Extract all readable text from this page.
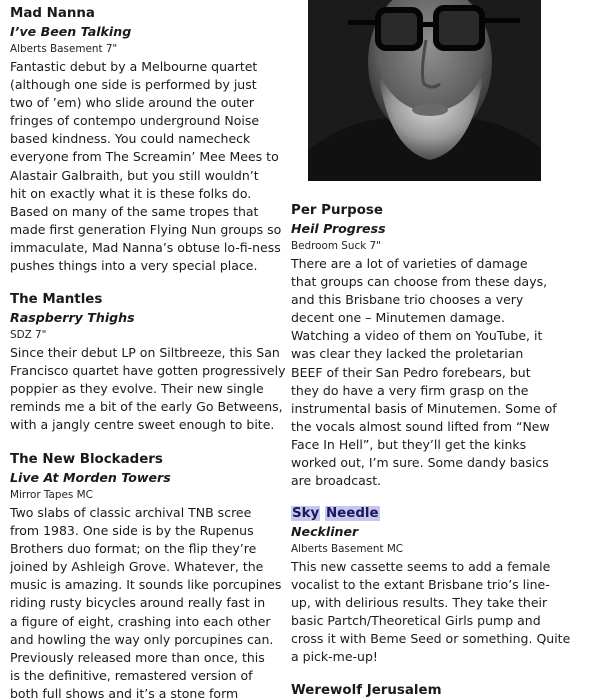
Mad Nanna
I’ve Been Talking
Alberts Basement 7"
Fantastic debut by a Melbourne quartet
(although one side is performed by just
two of ’em) who slide around the outer
fringes of contempo underground Noise
based kindness. You could namecheck
everyone from The Screamin’ Mee Mees to
Alastair Galbraith, but you still wouldn’t
hit on exactly what it is these folks do.
Based on many of the same tropes that
made first generation Flying Nun groups so
immaculate, Mad Nanna’s obtuse lo-fi-ness
pushes things into a very special place.
The Mantles
Raspberry Thighs
SDZ 7"
Since their debut LP on Siltbreeze, this San
Francisco quartet have gotten progressively
poppier as they evolve. Their new single
reminds me a bit of the early Go Betweens,
with a jangly centre sweet enough to bite.
The New Blockaders
Live At Morden Towers
Mirror Tapes MC
Two slabs of classic archival TNB scree
from 1983. One side is by the Rupenus
Brothers duo format; on the flip they’re
joined by Ashleigh Grove. Whatever, the
music is amazing. It sounds like porcupines
riding rusty bicycles around really fast in
a figure of eight, crashing into each other
and howling the way only porcupines can.
Previously released more than once, this
is the definitive, remastered version of
both full shows and it’s a stone form
Per Purpose
Heil Progress
Bedroom Suck 7"
There are a lot of varieties of damage
that groups can choose from these days,
and this Brisbane trio chooses a very
decent one – Minutemen damage.
Watching a video of them on YouTube, it
was clear they lacked the proletarian
BEEF of their San Pedro forebears, but
they do have a very firm grasp on the
instrumental basis of Minutemen. Some of
the vocals almost sound lifted from “New
Face In Hell”, but they’ll get the kinks
worked out, I’m sure. Some dandy basics
are broadcast.
Sky Needle
Neckliner
Alberts Basement MC
This new cassette seems to add a female
vocalist to the extant Brisbane trio’s line-
up, with delirious results. They take their
basic Partch/Theoretical Girls pump and
cross it with Beme Seed or something. Quite
a pick-me-up!
Werewolf Jerusalem
